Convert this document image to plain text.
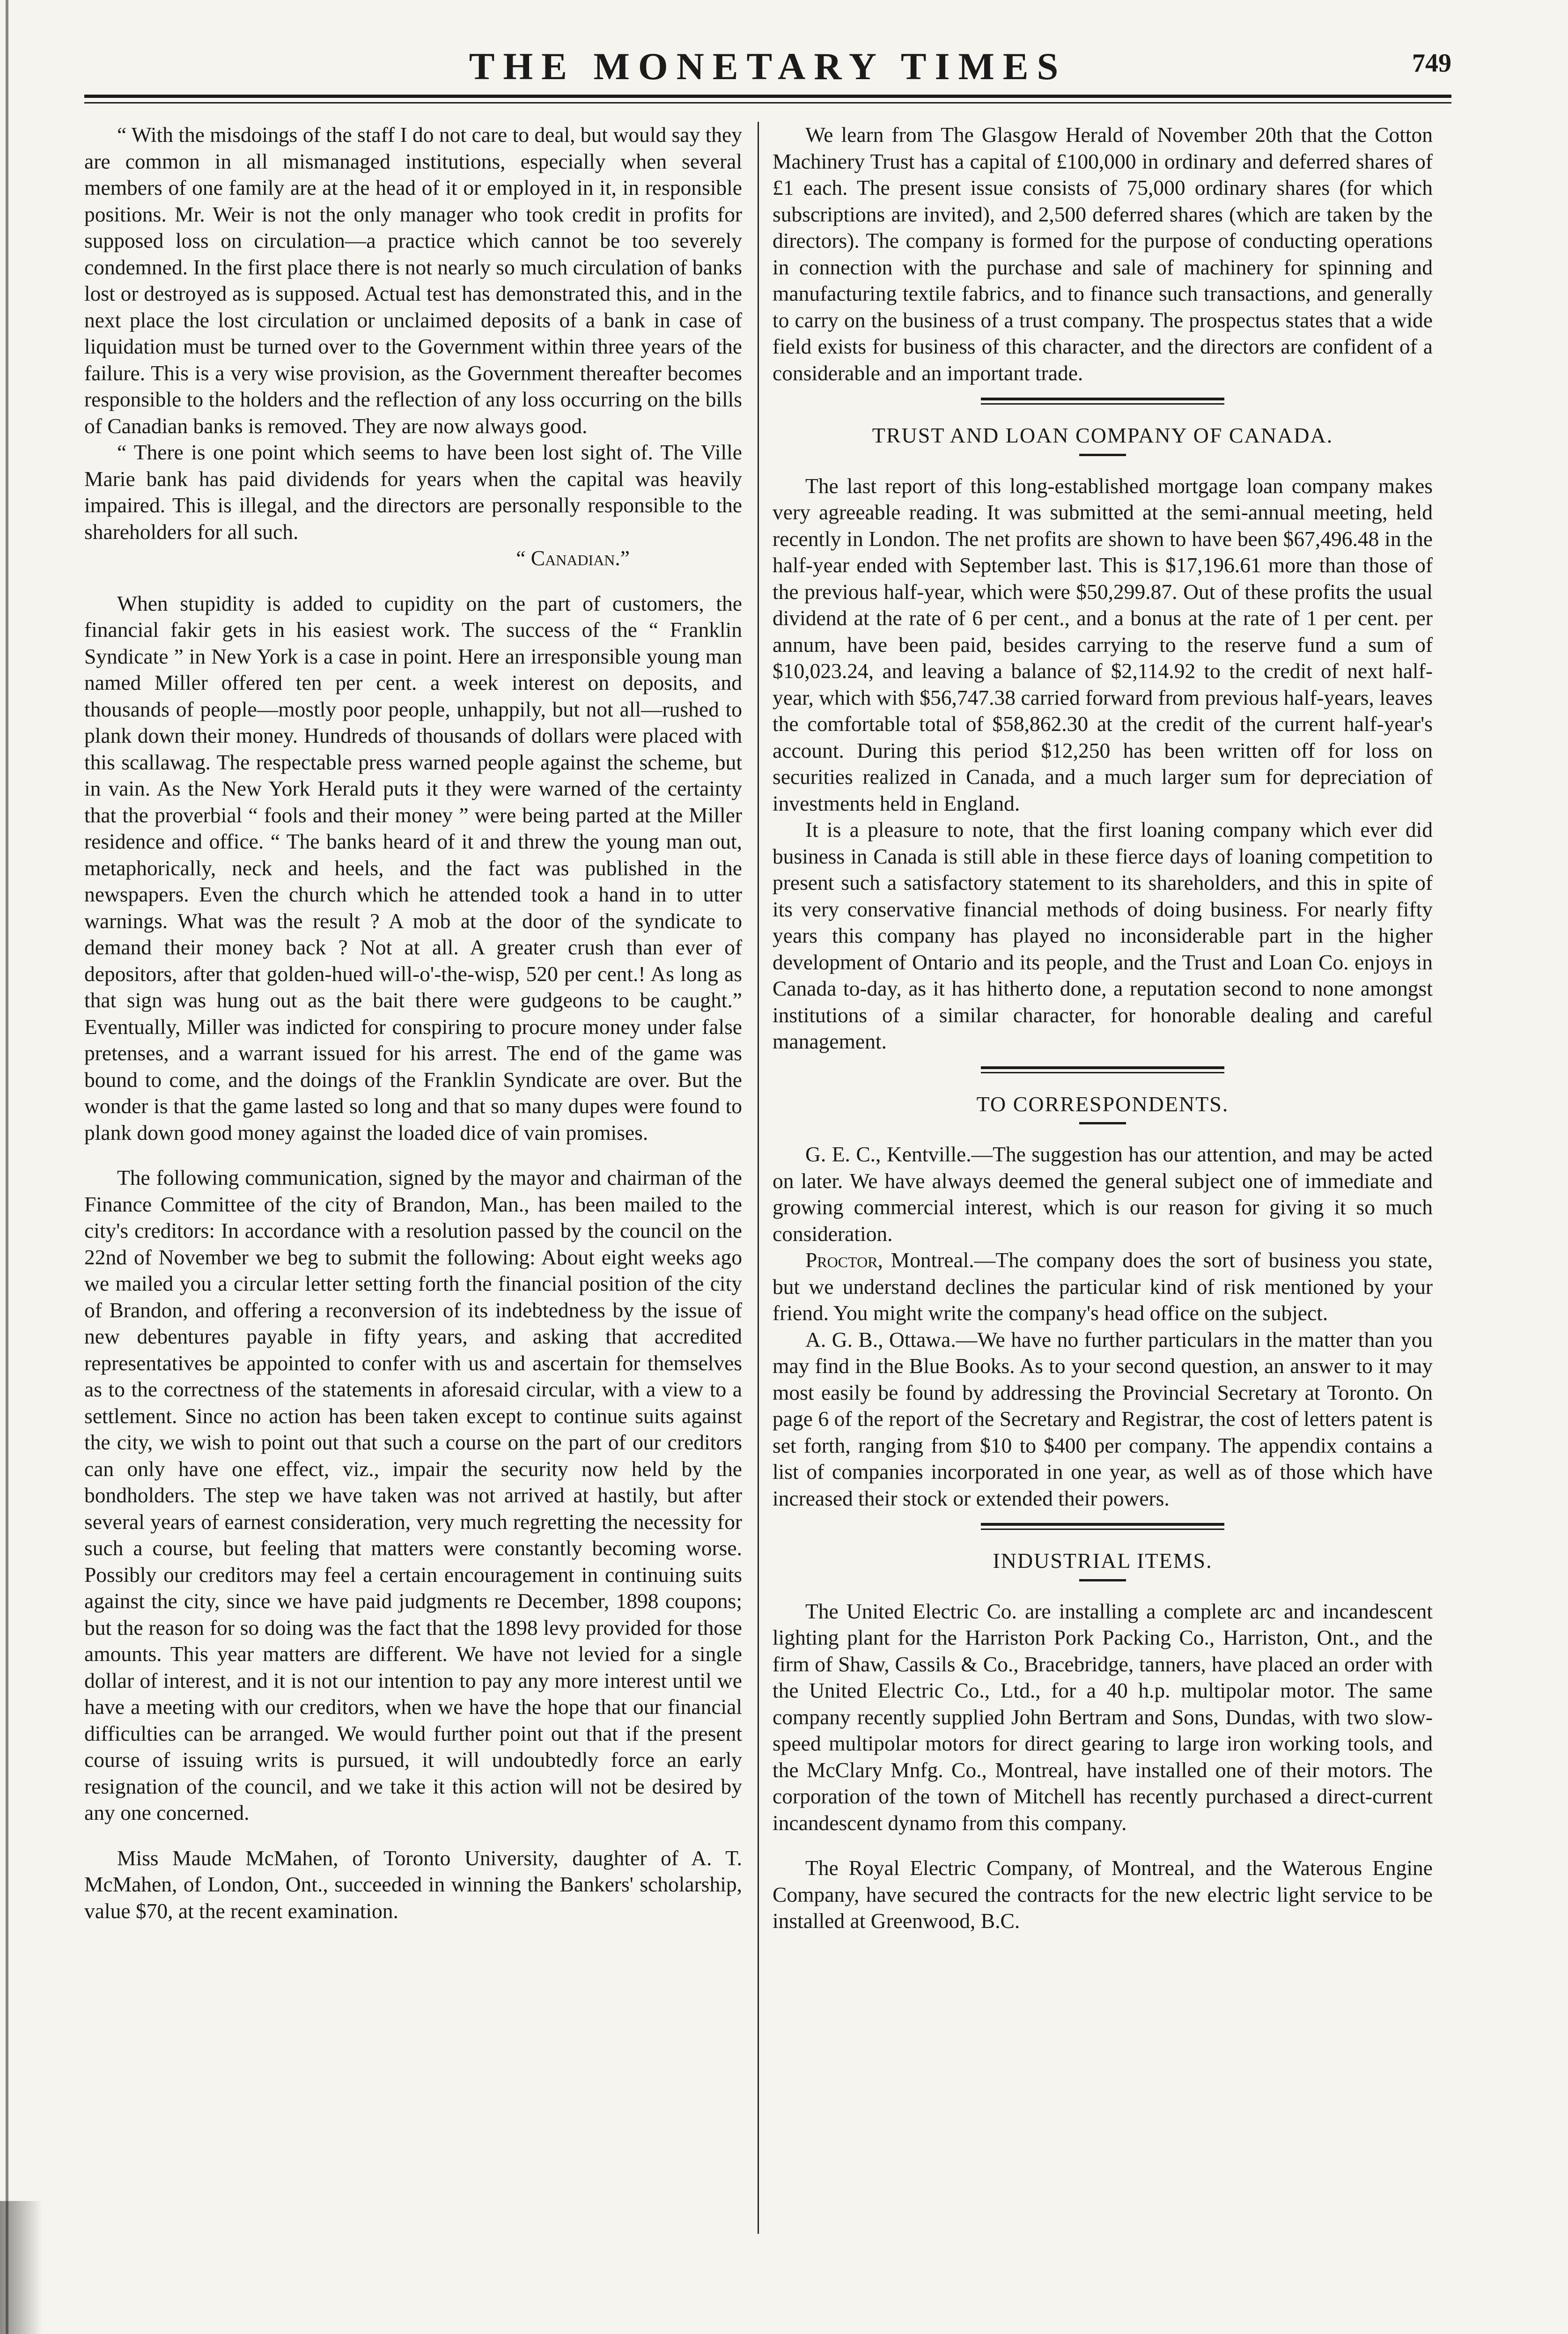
THE MONETARY TIMES	749

“ With the misdoings of the staff I do not care to deal, but would say they are common in all mismanaged institutions, especially when several members of one family are at the head of it or employed in it, in responsible positions. Mr. Weir is not the only manager who took credit in profits for supposed loss on circulation—a practice which cannot be too severely condemned. In the first place there is not nearly so much circulation of banks lost or destroyed as is supposed. Actual test has demonstrated this, and in the next place the lost circulation or unclaimed deposits of a bank in case of liquidation must be turned over to the Government within three years of the failure. This is a very wise provision, as the Government thereafter becomes responsible to the holders and the reflection of any loss occurring on the bills of Canadian banks is removed. They are now always good.

“ There is one point which seems to have been lost sight of. The Ville Marie bank has paid dividends for years when the capital was heavily impaired. This is illegal, and the directors are personally responsible to the shareholders for all such.

“ Canadian.”

When stupidity is added to cupidity on the part of customers, the financial fakir gets in his easiest work. The success of the “ Franklin Syndicate ” in New York is a case in point. Here an irresponsible young man named Miller offered ten per cent. a week interest on deposits, and thousands of people—mostly poor people, unhappily, but not all—rushed to plank down their money. Hundreds of thousands of dollars were placed with this scallawag. The respectable press warned people against the scheme, but in vain. As the New York Herald puts it they were warned of the certainty that the proverbial “ fools and their money ” were being parted at the Miller residence and office. “ The banks heard of it and threw the young man out, metaphorically, neck and heels, and the fact was published in the newspapers. Even the church which he attended took a hand in to utter warnings. What was the result ? A mob at the door of the syndicate to demand their money back ? Not at all. A greater crush than ever of depositors, after that golden-hued will-o'-the-wisp, 520 per cent.! As long as that sign was hung out as the bait there were gudgeons to be caught.” Eventually, Miller was indicted for conspiring to procure money under false pretenses, and a warrant issued for his arrest. The end of the game was bound to come, and the doings of the Franklin Syndicate are over. But the wonder is that the game lasted so long and that so many dupes were found to plank down good money against the loaded dice of vain promises.

The following communication, signed by the mayor and chairman of the Finance Committee of the city of Brandon, Man., has been mailed to the city's creditors: In accordance with a resolution passed by the council on the 22nd of November we beg to submit the following: About eight weeks ago we mailed you a circular letter setting forth the financial position of the city of Brandon, and offering a reconversion of its indebtedness by the issue of new debentures payable in fifty years, and asking that accredited representatives be appointed to confer with us and ascertain for themselves as to the correctness of the statements in aforesaid circular, with a view to a settlement. Since no action has been taken except to continue suits against the city, we wish to point out that such a course on the part of our creditors can only have one effect, viz., impair the security now held by the bondholders. The step we have taken was not arrived at hastily, but after several years of earnest consideration, very much regretting the necessity for such a course, but feeling that matters were constantly becoming worse. Possibly our creditors may feel a certain encouragement in continuing suits against the city, since we have paid judgments re December, 1898 coupons; but the reason for so doing was the fact that the 1898 levy provided for those amounts. This year matters are different. We have not levied for a single dollar of interest, and it is not our intention to pay any more interest until we have a meeting with our creditors, when we have the hope that our financial difficulties can be arranged. We would further point out that if the present course of issuing writs is pursued, it will undoubtedly force an early resignation of the council, and we take it this action will not be desired by any one concerned.

Miss Maude McMahen, of Toronto University, daughter of A. T. McMahen, of London, Ont., succeeded in winning the Bankers' scholarship, value $70, at the recent examination.

We learn from The Glasgow Herald of November 20th that the Cotton Machinery Trust has a capital of £100,000 in ordinary and deferred shares of £1 each. The present issue consists of 75,000 ordinary shares (for which subscriptions are invited), and 2,500 deferred shares (which are taken by the directors). The company is formed for the purpose of conducting operations in connection with the purchase and sale of machinery for spinning and manufacturing textile fabrics, and to finance such transactions, and generally to carry on the business of a trust company. The prospectus states that a wide field exists for business of this character, and the directors are confident of a considerable and an important trade.

TRUST AND LOAN COMPANY OF CANADA.

The last report of this long-established mortgage loan company makes very agreeable reading. It was submitted at the semi-annual meeting, held recently in London. The net profits are shown to have been $67,496.48 in the half-year ended with September last. This is $17,196.61 more than those of the previous half-year, which were $50,299.87. Out of these profits the usual dividend at the rate of 6 per cent., and a bonus at the rate of 1 per cent. per annum, have been paid, besides carrying to the reserve fund a sum of $10,023.24, and leaving a balance of $2,114.92 to the credit of next half-year, which with $56,747.38 carried forward from previous half-years, leaves the comfortable total of $58,862.30 at the credit of the current half-year's account. During this period $12,250 has been written off for loss on securities realized in Canada, and a much larger sum for depreciation of investments held in England.

It is a pleasure to note, that the first loaning company which ever did business in Canada is still able in these fierce days of loaning competition to present such a satisfactory statement to its shareholders, and this in spite of its very conservative financial methods of doing business. For nearly fifty years this company has played no inconsiderable part in the higher development of Ontario and its people, and the Trust and Loan Co. enjoys in Canada to-day, as it has hitherto done, a reputation second to none amongst institutions of a similar character, for honorable dealing and careful management.

TO CORRESPONDENTS.

G. E. C., Kentville.—The suggestion has our attention, and may be acted on later. We have always deemed the general subject one of immediate and growing commercial interest, which is our reason for giving it so much consideration.

Proctor, Montreal.—The company does the sort of business you state, but we understand declines the particular kind of risk mentioned by your friend. You might write the company's head office on the subject.

A. G. B., Ottawa.—We have no further particulars in the matter than you may find in the Blue Books. As to your second question, an answer to it may most easily be found by addressing the Provincial Secretary at Toronto. On page 6 of the report of the Secretary and Registrar, the cost of letters patent is set forth, ranging from $10 to $400 per company. The appendix contains a list of companies incorporated in one year, as well as of those which have increased their stock or extended their powers.

INDUSTRIAL ITEMS.

The United Electric Co. are installing a complete arc and incandescent lighting plant for the Harriston Pork Packing Co., Harriston, Ont., and the firm of Shaw, Cassils & Co., Bracebridge, tanners, have placed an order with the United Electric Co., Ltd., for a 40 h.p. multipolar motor. The same company recently supplied John Bertram and Sons, Dundas, with two slow-speed multipolar motors for direct gearing to large iron working tools, and the McClary Mnfg. Co., Montreal, have installed one of their motors. The corporation of the town of Mitchell has recently purchased a direct-current incandescent dynamo from this company.

The Royal Electric Company, of Montreal, and the Waterous Engine Company, have secured the contracts for the new electric light service to be installed at Greenwood, B.C.
